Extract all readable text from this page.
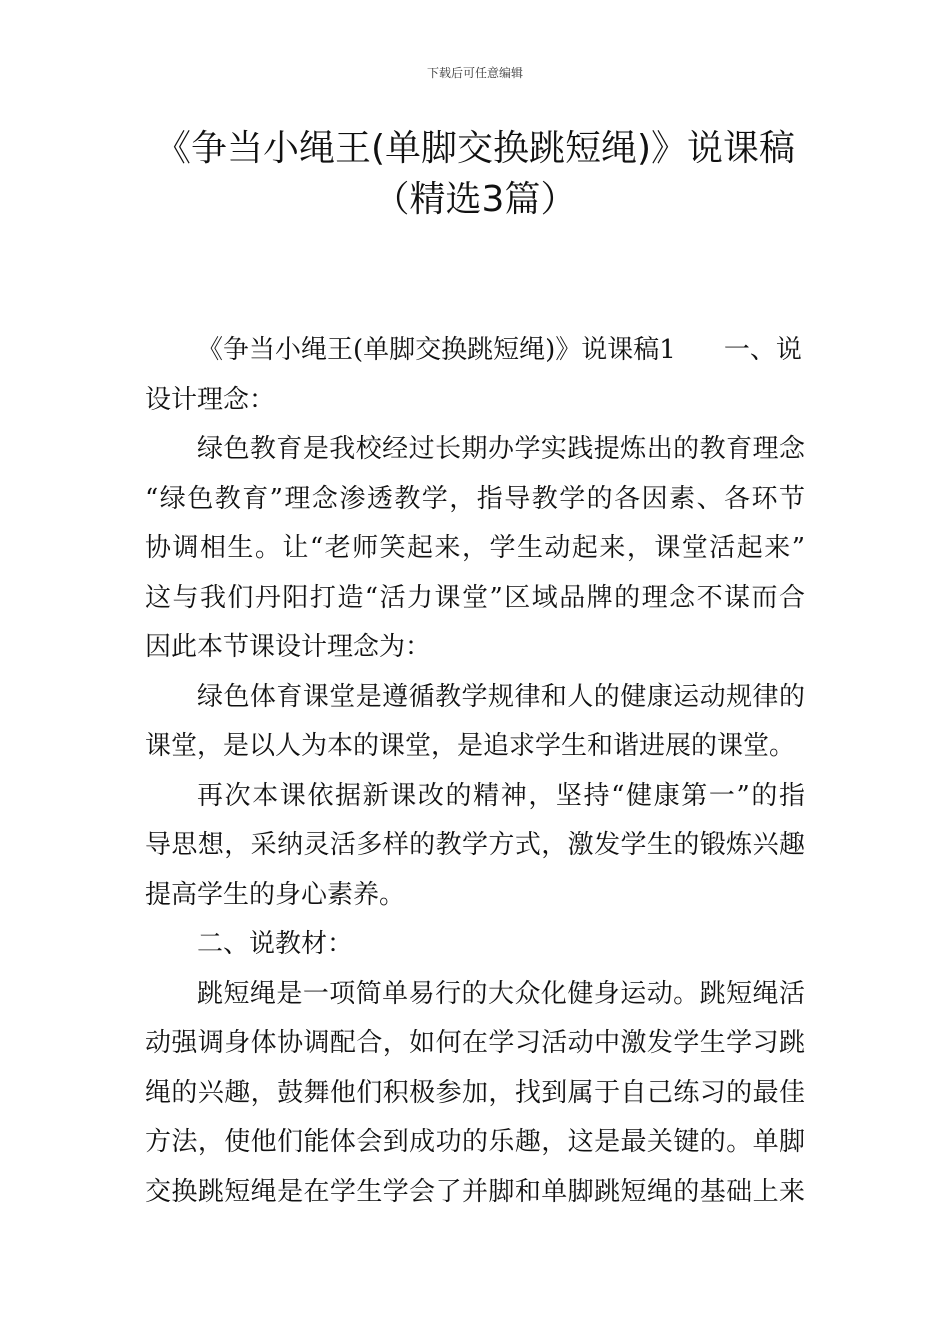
下载后可任意编辑
《争当小绳王(单脚交换跳短绳)》说课稿
（精选3篇）
《争当小绳王(单脚交换跳短绳)》说课稿1 一、说
设计理念：
绿色教育是我校经过长期办学实践提炼出的教育理念
“绿色教育”理念渗透教学，指导教学的各因素、各环节
协调相生。让“老师笑起来，学生动起来，课堂活起来”
这与我们丹阳打造“活力课堂”区域品牌的理念不谋而合
因此本节课设计理念为：
绿色体育课堂是遵循教学规律和人的健康运动规律的
课堂，是以人为本的课堂，是追求学生和谐进展的课堂。
再次本课依据新课改的精神，坚持“健康第一”的指
导思想，采纳灵活多样的教学方式，激发学生的锻炼兴趣
提高学生的身心素养。
二、说教材：
跳短绳是一项简单易行的大众化健身运动。跳短绳活
动强调身体协调配合，如何在学习活动中激发学生学习跳
绳的兴趣，鼓舞他们积极参加，找到属于自己练习的最佳
方法，使他们能体会到成功的乐趣，这是最关键的。单脚
交换跳短绳是在学生学会了并脚和单脚跳短绳的基础上来
